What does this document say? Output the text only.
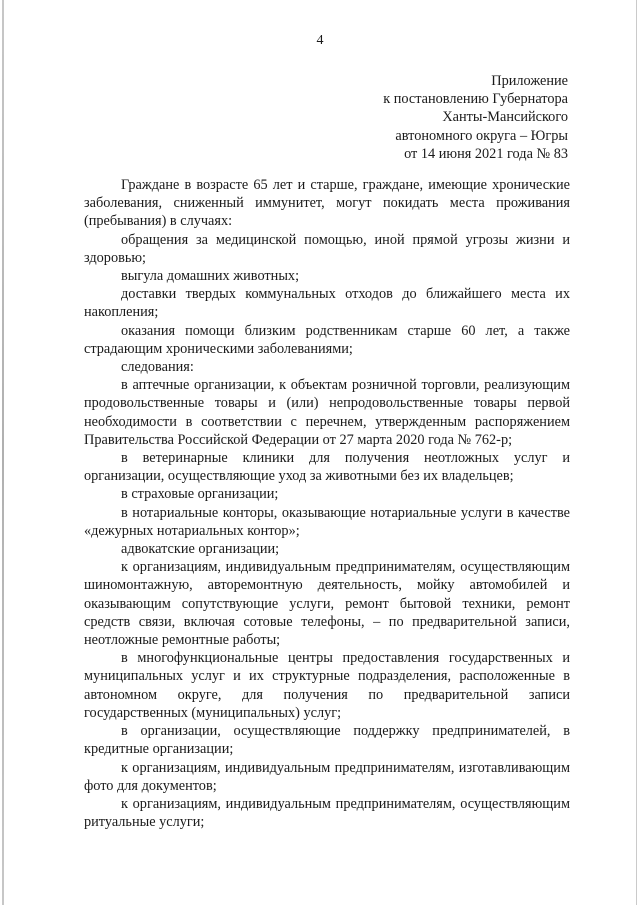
4
Приложение
к постановлению Губернатора
Ханты-Мансийского
автономного округа – Югры
от 14 июня 2021 года № 83

Граждане в возрасте 65 лет и старше, граждане, имеющие хронические заболевания, сниженный иммунитет, могут покидать места проживания (пребывания) в случаях:

обращения за медицинской помощью, иной прямой угрозы жизни и здоровью;

выгула домашних животных;

доставки твердых коммунальных отходов до ближайшего места их накопления;

оказания помощи близким родственникам старше 60 лет, а также страдающим хроническими заболеваниями;

следования:

в аптечные организации, к объектам розничной торговли, реализующим продовольственные товары и (или) непродовольственные товары первой необходимости в соответствии с перечнем, утвержденным распоряжением Правительства Российской Федерации от 27 марта 2020 года № 762-р;

в ветеринарные клиники для получения неотложных услуг и организации, осуществляющие уход за животными без их владельцев;

в страховые организации;

в нотариальные конторы, оказывающие нотариальные услуги в качестве «дежурных нотариальных контор»;

адвокатские организации;

к организациям, индивидуальным предпринимателям, осуществляющим шиномонтажную, авторемонтную деятельность, мойку автомобилей и оказывающим сопутствующие услуги, ремонт бытовой техники, ремонт средств связи, включая сотовые телефоны, – по предварительной записи, неотложные ремонтные работы;

в многофункциональные центры предоставления государственных и муниципальных услуг и их структурные подразделения, расположенные в автономном округе, для получения по предварительной записи государственных (муниципальных) услуг;

в организации, осуществляющие поддержку предпринимателей, в кредитные организации;

к организациям, индивидуальным предпринимателям, изготавливающим фото для документов;

к организациям, индивидуальным предпринимателям, осуществляющим ритуальные услуги;
